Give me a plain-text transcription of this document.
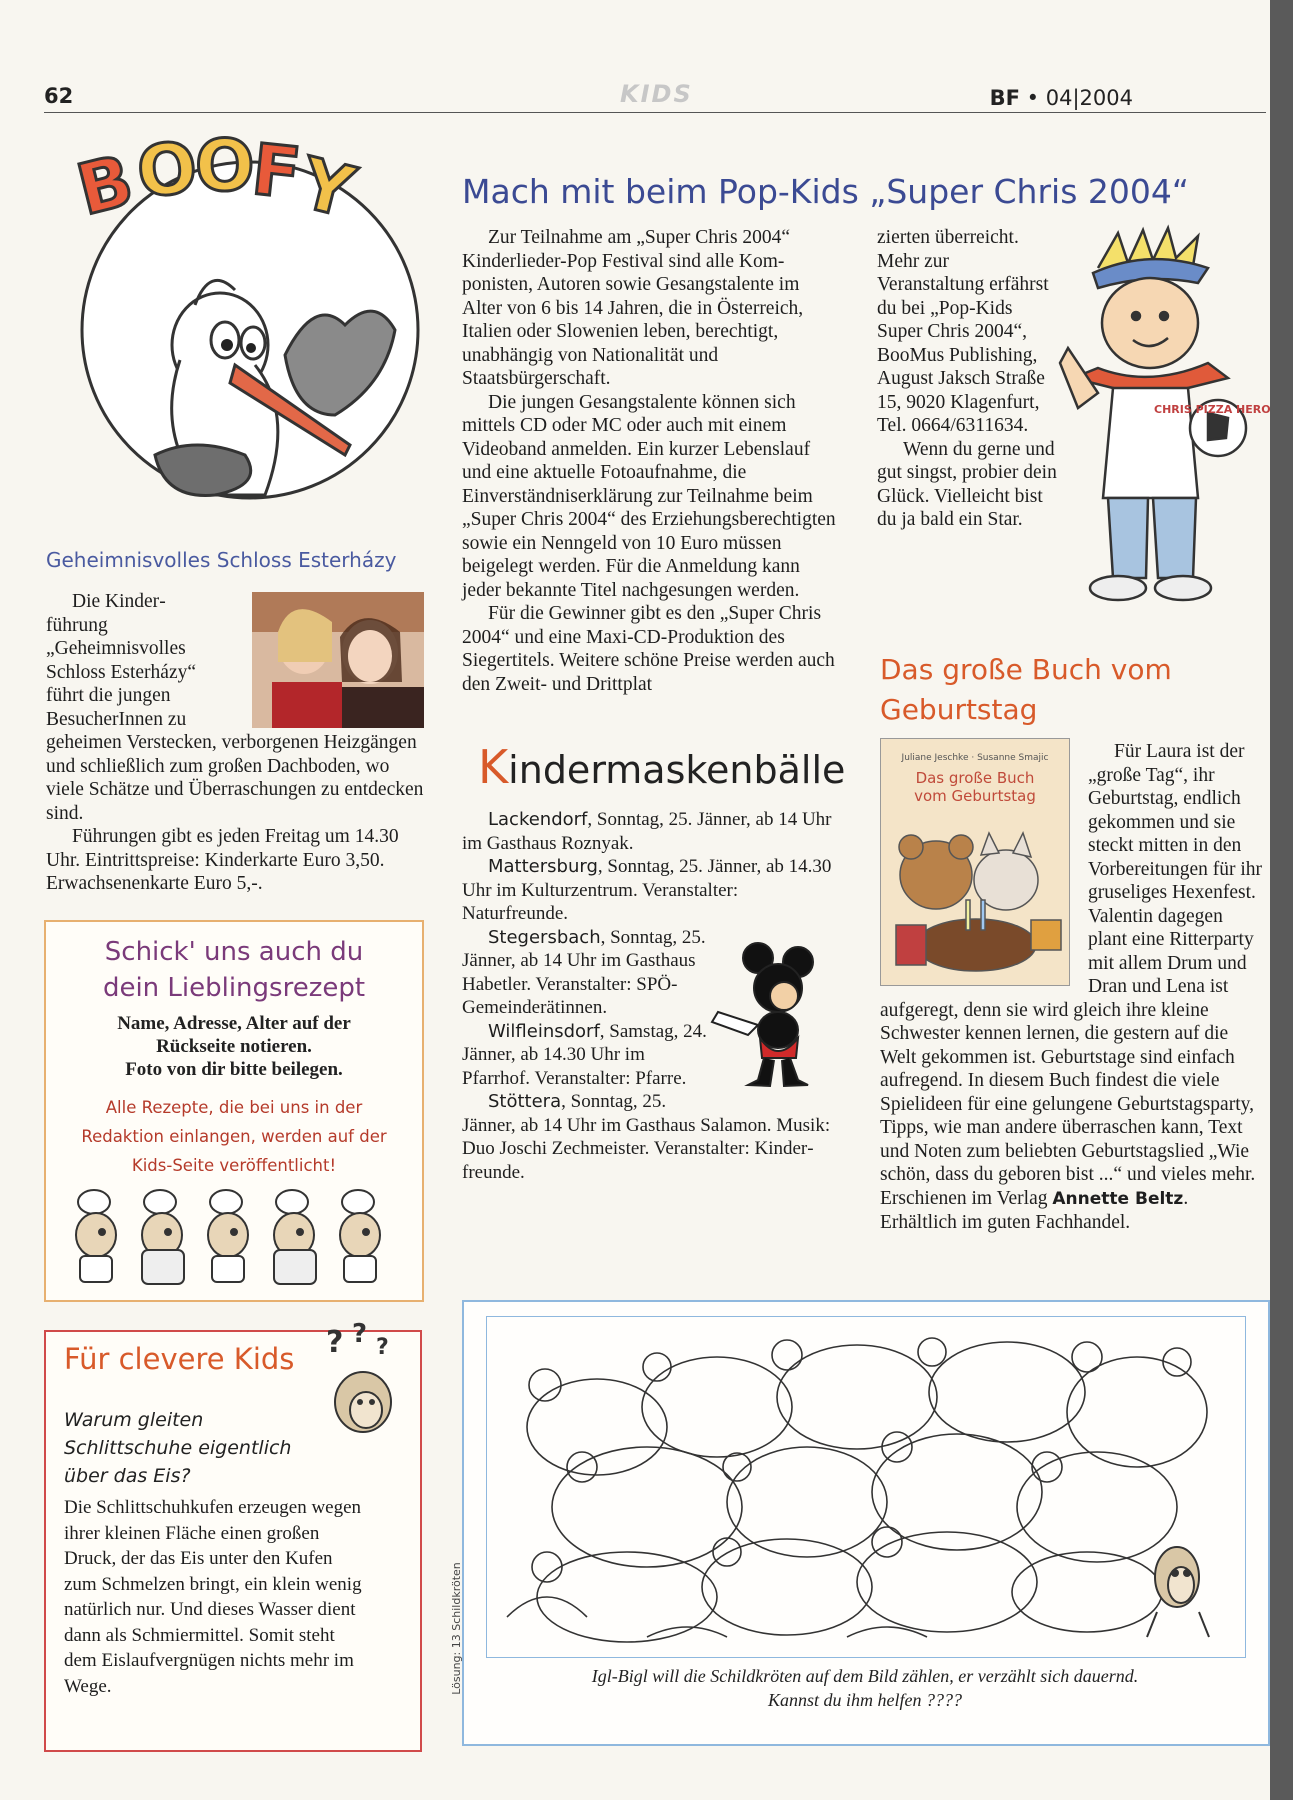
62	KIDS	BF • 04|2004
B
O
O
F
Y
Geheimnisvolles Schloss Esterházy

Die Kinderführung „Geheimnisvolles Schloss Esterházy“ führt die jungen BesucherInnen zu geheimen Verstecken, verborgenen Heizgängen und schließlich zum großen Dachboden, wo viele Schätze und Überraschungen zu entdecken sind.

Führungen gibt es jeden Freitag um 14.30 Uhr. Eintrittspreise: Kinderkarte Euro 3,50. Erwachsenenkarte Euro 5,-.

Schick' uns auch du
dein Lieblingsrezept
Name, Adresse, Alter auf der
Rückseite notieren.
Foto von dir bitte beilegen.
Alle Rezepte, die bei uns in der
Redaktion einlangen, werden auf der
Kids-Seite veröffentlicht!
Für clevere Kids ? ? ?
Warum gleiten
Schlittschuhe eigentlich
über das Eis?

Die Schlittschuhkufen erzeugen wegen ihrer kleinen Fläche einen großen Druck, der das Eis unter den Kufen zum Schmelzen bringt, ein klein wenig natürlich nur. Und dieses Wasser dient dann als Schmiermittel. Somit steht dem Eislaufvergnügen nichts mehr im Wege.

Mach mit beim Pop-Kids „Super Chris 2004“

Zur Teilnahme am „Super Chris 2004“ Kinderlieder-Pop Festival sind alle Komponisten, Autoren sowie Gesangstalente im Alter von 6 bis 14 Jahren, die in Österreich, Italien oder Slowenien leben, berechtigt, unabhängig von Nationalität und Staatsbürgerschaft.

Die jungen Gesangstalente können sich mittels CD oder MC oder auch mit einem Videoband anmelden. Ein kurzer Lebenslauf und eine aktuelle Fotoaufnahme, die Einverständniserklärung zur Teilnahme beim „Super Chris 2004“ des Erziehungsberechtigten sowie ein Nenngeld von 10 Euro müssen beigelegt werden. Für die Anmeldung kann jeder bekannte Titel nachgesungen werden.

Für die Gewinner gibt es den „Super Chris 2004“ und eine Maxi-CD-Produktion des Siegertitels. Weitere schöne Preise werden auch den Zweit- und Drittplat

zierten überreicht. Mehr zur Veranstaltung erfährst du bei „Pop-Kids Super Chris 2004“, BooMus Publishing, August Jaksch Straße 15, 9020 Klagenfurt, Tel. 0664/6311634.

Wenn du gerne und gut singst, probier dein Glück. Vielleicht bist du ja bald ein Star.

CHRIS PIZZA HERO
Kindermaskenbälle

Lackendorf, Sonntag, 25. Jänner, ab 14 Uhr im Gasthaus Roznyak.

Mattersburg, Sonntag, 25. Jänner, ab 14.30 Uhr im Kulturzentrum. Veranstalter: Naturfreunde.

Stegersbach, Sonntag, 25. Jänner, ab 14 Uhr im Gasthaus Habetler. Veranstalter: SPÖ-Gemeinderätinnen.

Wilfleinsdorf, Samstag, 24. Jänner, ab 14.30 Uhr im Pfarrhof. Veranstalter: Pfarre.

Stöttera, Sonntag, 25. Jänner, ab 14 Uhr im Gasthaus Salamon. Musik: Duo Joschi Zechmeister. Veranstalter: Kinderfreunde.

Das große Buch vom
Geburtstag
Juliane Jeschke · Susanne Smajic
Das große Buch
vom Geburtstag

Für Laura ist der „große Tag“, ihr Geburtstag, endlich gekommen und sie steckt mitten in den Vorbereitungen für ihr gruseliges Hexenfest. Valentin dagegen plant eine Ritterparty mit allem Drum und Dran und Lena ist aufgeregt, denn sie wird gleich ihre kleine Schwester kennen lernen, die gestern auf die Welt gekommen ist. Geburtstage sind einfach aufregend. In diesem Buch findest die viele Spielideen für eine gelungene Geburtstagsparty, Tipps, wie man andere überraschen kann, Text und Noten zum beliebten Geburtstagslied „Wie schön, dass du geboren bist ...“ und vieles mehr. Erschienen im Verlag Annette Beltz. Erhältlich im guten Fachhandel.

Lösung: 13 Schildkröten	Igl-Bigl will die Schildkröten auf dem Bild zählen, er verzählt sich dauernd.
Kannst du ihm helfen ????
